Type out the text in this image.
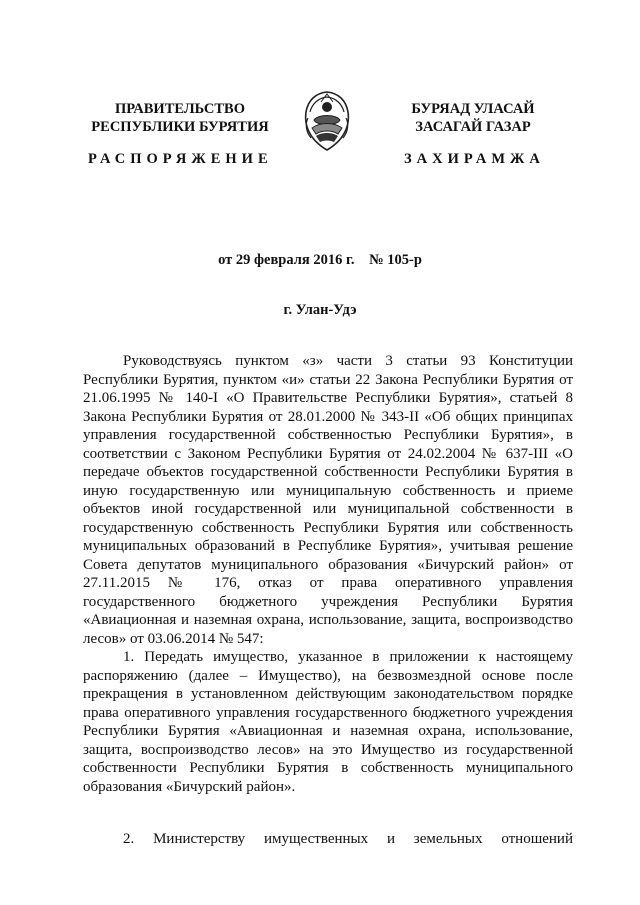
ПРАВИТЕЛЬСТВО
РЕСПУБЛИКИ БУРЯТИЯ
БУРЯАД УЛАСАЙ
ЗАСАГАЙ ГАЗАР
РАСПОРЯЖЕНИЕ	ЗАХИРАМЖА
от 29 февраля 2016 г. № 105-р
г. Улан-Удэ
Руководствуясь пунктом «з» части 3 статьи 93 Конституции
Республики Бурятия, пунктом «и» статьи 22 Закона Республики Бурятия от
21.06.1995 № 140-I «О Правительстве Республики Бурятия», статьей 8
Закона Республики Бурятия от 28.01.2000 № 343-II «Об общих принципах
управления государственной собственностью Республики Бурятия», в
соответствии с Законом Республики Бурятия от 24.02.2004 № 637-III «О
передаче объектов государственной собственности Республики Бурятия в
иную государственную или муниципальную собственность и приеме
объектов иной государственной или муниципальной собственности в
государственную собственность Республики Бурятия или собственность
муниципальных образований в Республике Бурятия», учитывая решение
Совета депутатов муниципального образования «Бичурский район» от
27.11.2015 № 176, отказ от права оперативного управления
государственного бюджетного учреждения Республики Бурятия
«Авиационная и наземная охрана, использование, защита, воспроизводство
лесов» от 03.06.2014 № 547:
1. Передать имущество, указанное в приложении к настоящему
распоряжению (далее – Имущество), на безвозмездной основе после
прекращения в установленном действующим законодательством порядке
права оперативного управления государственного бюджетного учреждения
Республики Бурятия «Авиационная и наземная охрана, использование,
защита, воспроизводство лесов» на это Имущество из государственной
собственности Республики Бурятия в собственность муниципального
образования «Бичурский район».
2. Министерству имущественных и земельных отношений
